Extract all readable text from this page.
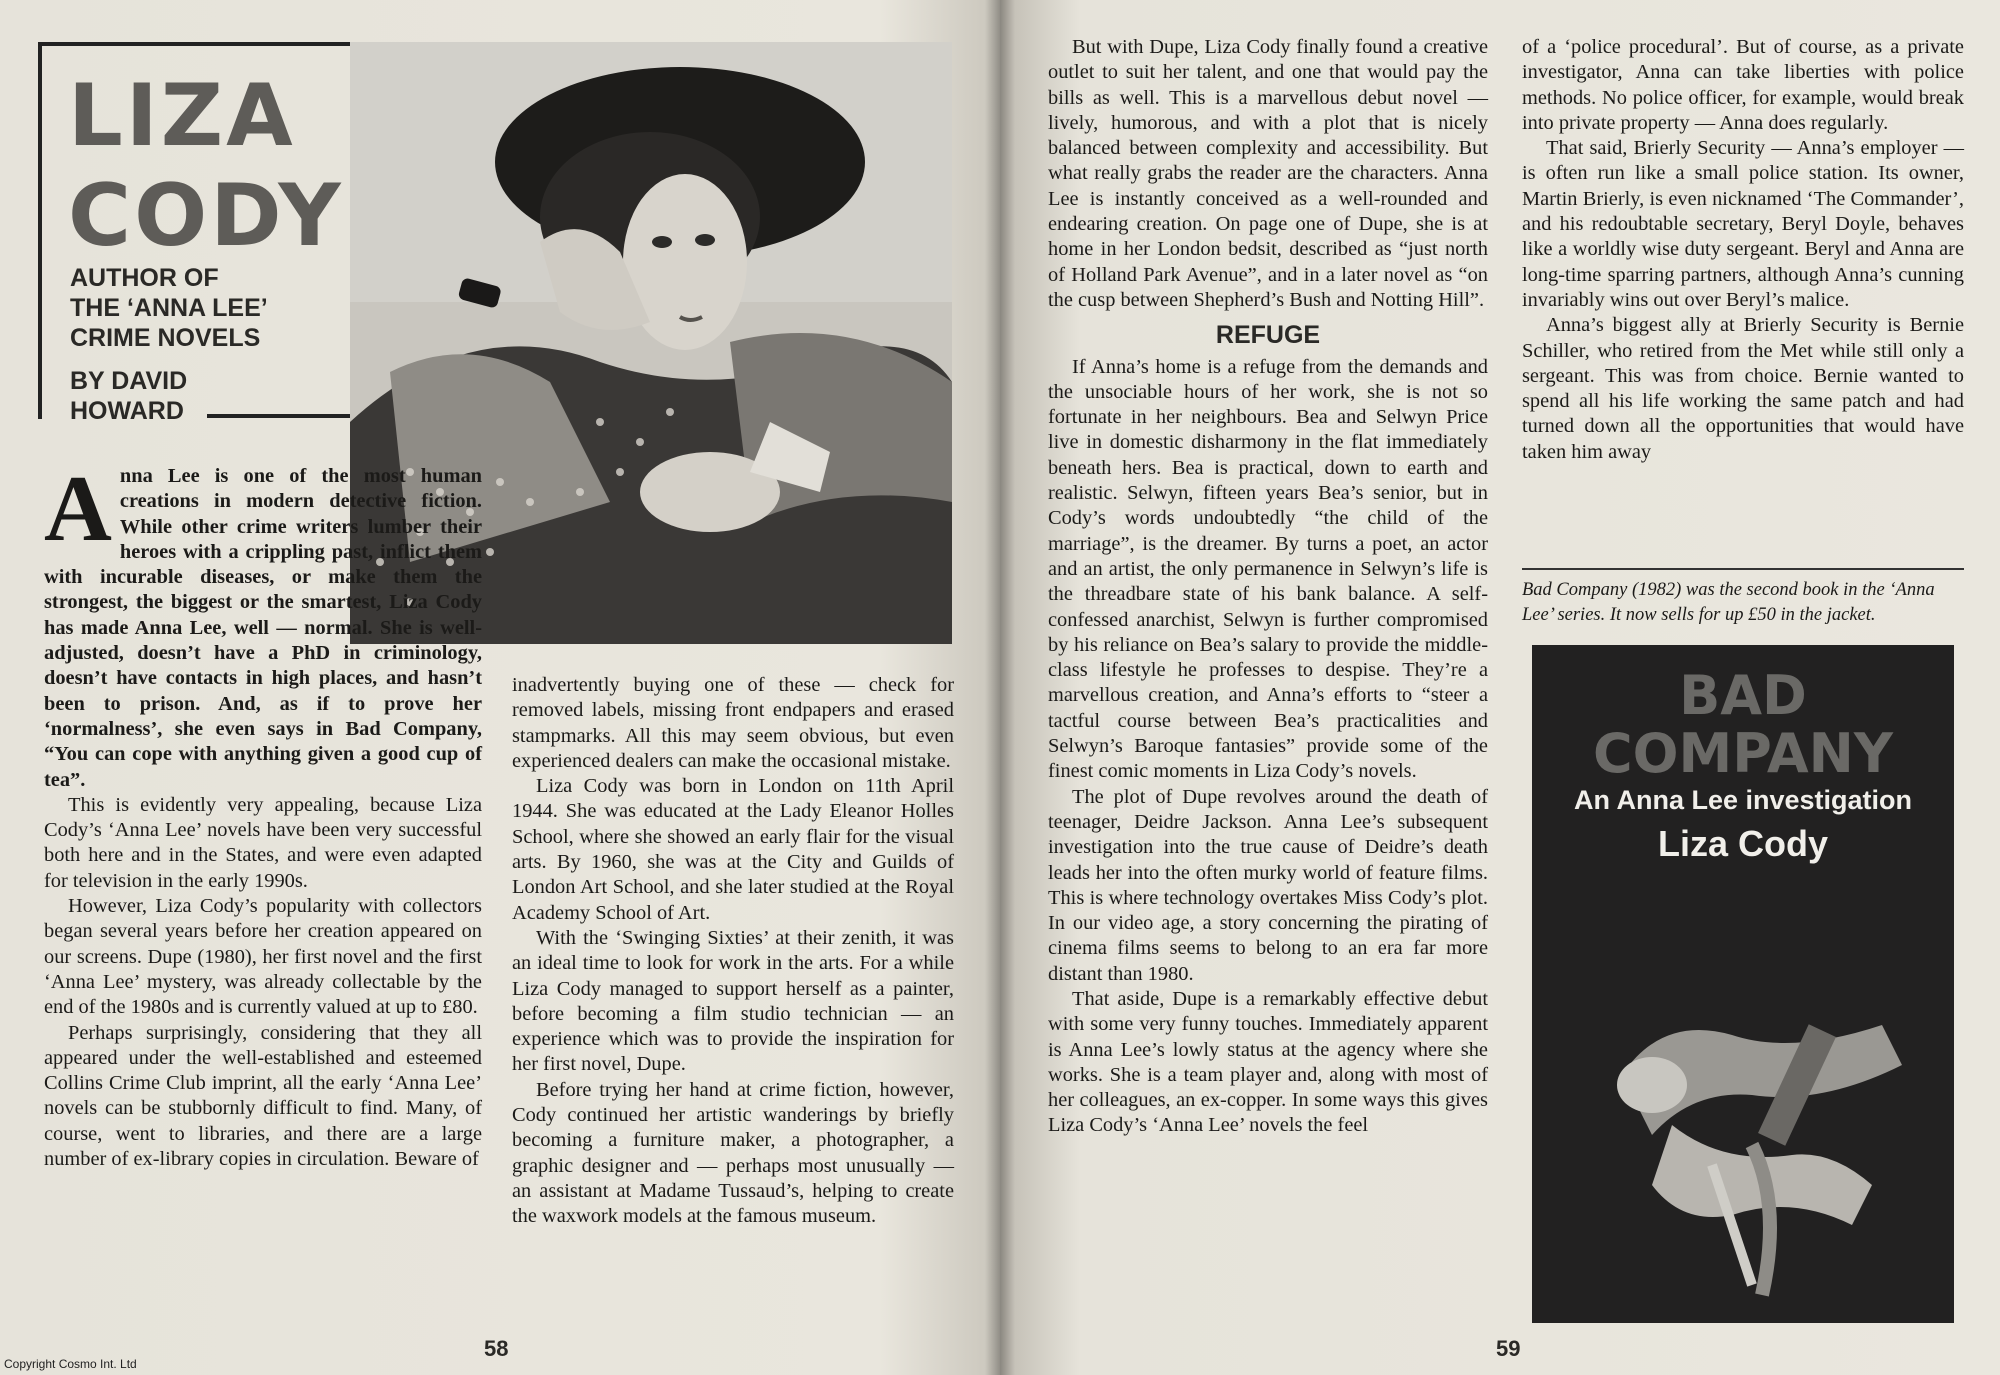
LIZA
CODY
AUTHOR OF
THE ‘ANNA LEE’
CRIME NOVELS
BY DAVID
HOWARD

Anna Lee is one of the most human creations in modern detective fiction. While other crime writers lumber their heroes with a crippling past, inflict them with incurable diseases, or make them the strongest, the biggest or the smartest, Liza Cody has made Anna Lee, well — normal. She is well- adjusted, doesn’t have a PhD in criminology, doesn’t have contacts in high places, and hasn’t been to prison. And, as if to prove her ‘normalness’, she even says in Bad Company, “You can cope with anything given a good cup of tea”.

This is evidently very appealing, because Liza Cody’s ‘Anna Lee’ novels have been very successful both here and in the States, and were even adapted for television in the early 1990s.

However, Liza Cody’s popularity with collectors began several years before her creation appeared on our screens. Dupe (1980), her first novel and the first ‘Anna Lee’ mystery, was already collectable by the end of the 1980s and is currently valued at up to £80.

Perhaps surprisingly, considering that they all appeared under the well-established and esteemed Collins Crime Club imprint, all the early ‘Anna Lee’ novels can be stubbornly difficult to find. Many, of course, went to libraries, and there are a large number of ex-library copies in circulation. Beware of

inadvertently buying one of these — check for removed labels, missing front endpapers and erased stampmarks. All this may seem obvious, but even experienced dealers can make the occasional mistake.

Liza Cody was born in London on 11th April 1944. She was educated at the Lady Eleanor Holles School, where she showed an early flair for the visual arts. By 1960, she was at the City and Guilds of London Art School, and she later studied at the Royal Academy School of Art.

With the ‘Swinging Sixties’ at their zenith, it was an ideal time to look for work in the arts. For a while Liza Cody managed to support herself as a painter, before becoming a film studio technician — an experience which was to provide the inspiration for her first novel, Dupe.

Before trying her hand at crime fiction, however, Cody continued her artistic wanderings by briefly becoming a furniture maker, a photographer, a graphic designer and — perhaps most unusually — an assistant at Madame Tussaud’s, helping to create the waxwork models at the famous museum.

58
Copyright Cosmo Int. Ltd

But with Dupe, Liza Cody finally found a creative outlet to suit her talent, and one that would pay the bills as well. This is a marvellous debut novel — lively, humorous, and with a plot that is nicely balanced between complexity and accessibility. But what really grabs the reader are the characters. Anna Lee is instantly conceived as a well-rounded and endearing creation. On page one of Dupe, she is at home in her London bedsit, described as “just north of Holland Park Avenue”, and in a later novel as “on the cusp between Shepherd’s Bush and Notting Hill”.

REFUGE

If Anna’s home is a refuge from the demands and the unsociable hours of her work, she is not so fortunate in her neighbours. Bea and Selwyn Price live in domestic disharmony in the flat immediately beneath hers. Bea is practical, down to earth and realistic. Selwyn, fifteen years Bea’s senior, but in Cody’s words undoubtedly “the child of the marriage”, is the dreamer. By turns a poet, an actor and an artist, the only permanence in Selwyn’s life is the threadbare state of his bank balance. A self-confessed anarchist, Selwyn is further compromised by his reliance on Bea’s salary to provide the middle-class lifestyle he professes to despise. They’re a marvellous creation, and Anna’s efforts to “steer a tactful course between Bea’s practicalities and Selwyn’s Baroque fantasies” provide some of the finest comic moments in Liza Cody’s novels.

The plot of Dupe revolves around the death of teenager, Deidre Jackson. Anna Lee’s subsequent investigation into the true cause of Deidre’s death leads her into the often murky world of feature films. This is where technology overtakes Miss Cody’s plot. In our video age, a story concerning the pirating of cinema films seems to belong to an era far more distant than 1980.

That aside, Dupe is a remarkably effective debut with some very funny touches. Immediately apparent is Anna Lee’s lowly status at the agency where she works. She is a team player and, along with most of her colleagues, an ex-copper. In some ways this gives Liza Cody’s ‘Anna Lee’ novels the feel

of a ‘police procedural’. But of course, as a private investigator, Anna can take liberties with police methods. No police officer, for example, would break into private property — Anna does regularly.

That said, Brierly Security — Anna’s employer — is often run like a small police station. Its owner, Martin Brierly, is even nicknamed ‘The Commander’, and his redoubtable secretary, Beryl Doyle, behaves like a worldly wise duty sergeant. Beryl and Anna are long-time sparring partners, although Anna’s cunning invariably wins out over Beryl’s malice.

Anna’s biggest ally at Brierly Security is Bernie Schiller, who retired from the Met while still only a sergeant. This was from choice. Bernie wanted to spend all his life working the same patch and had turned down all the opportunities that would have taken him away

Bad Company (1982) was the second book in the ‘Anna Lee’ series. It now sells for up £50 in the jacket.
BAD
COMPANY
An Anna Lee investigation
Liza Cody
59
